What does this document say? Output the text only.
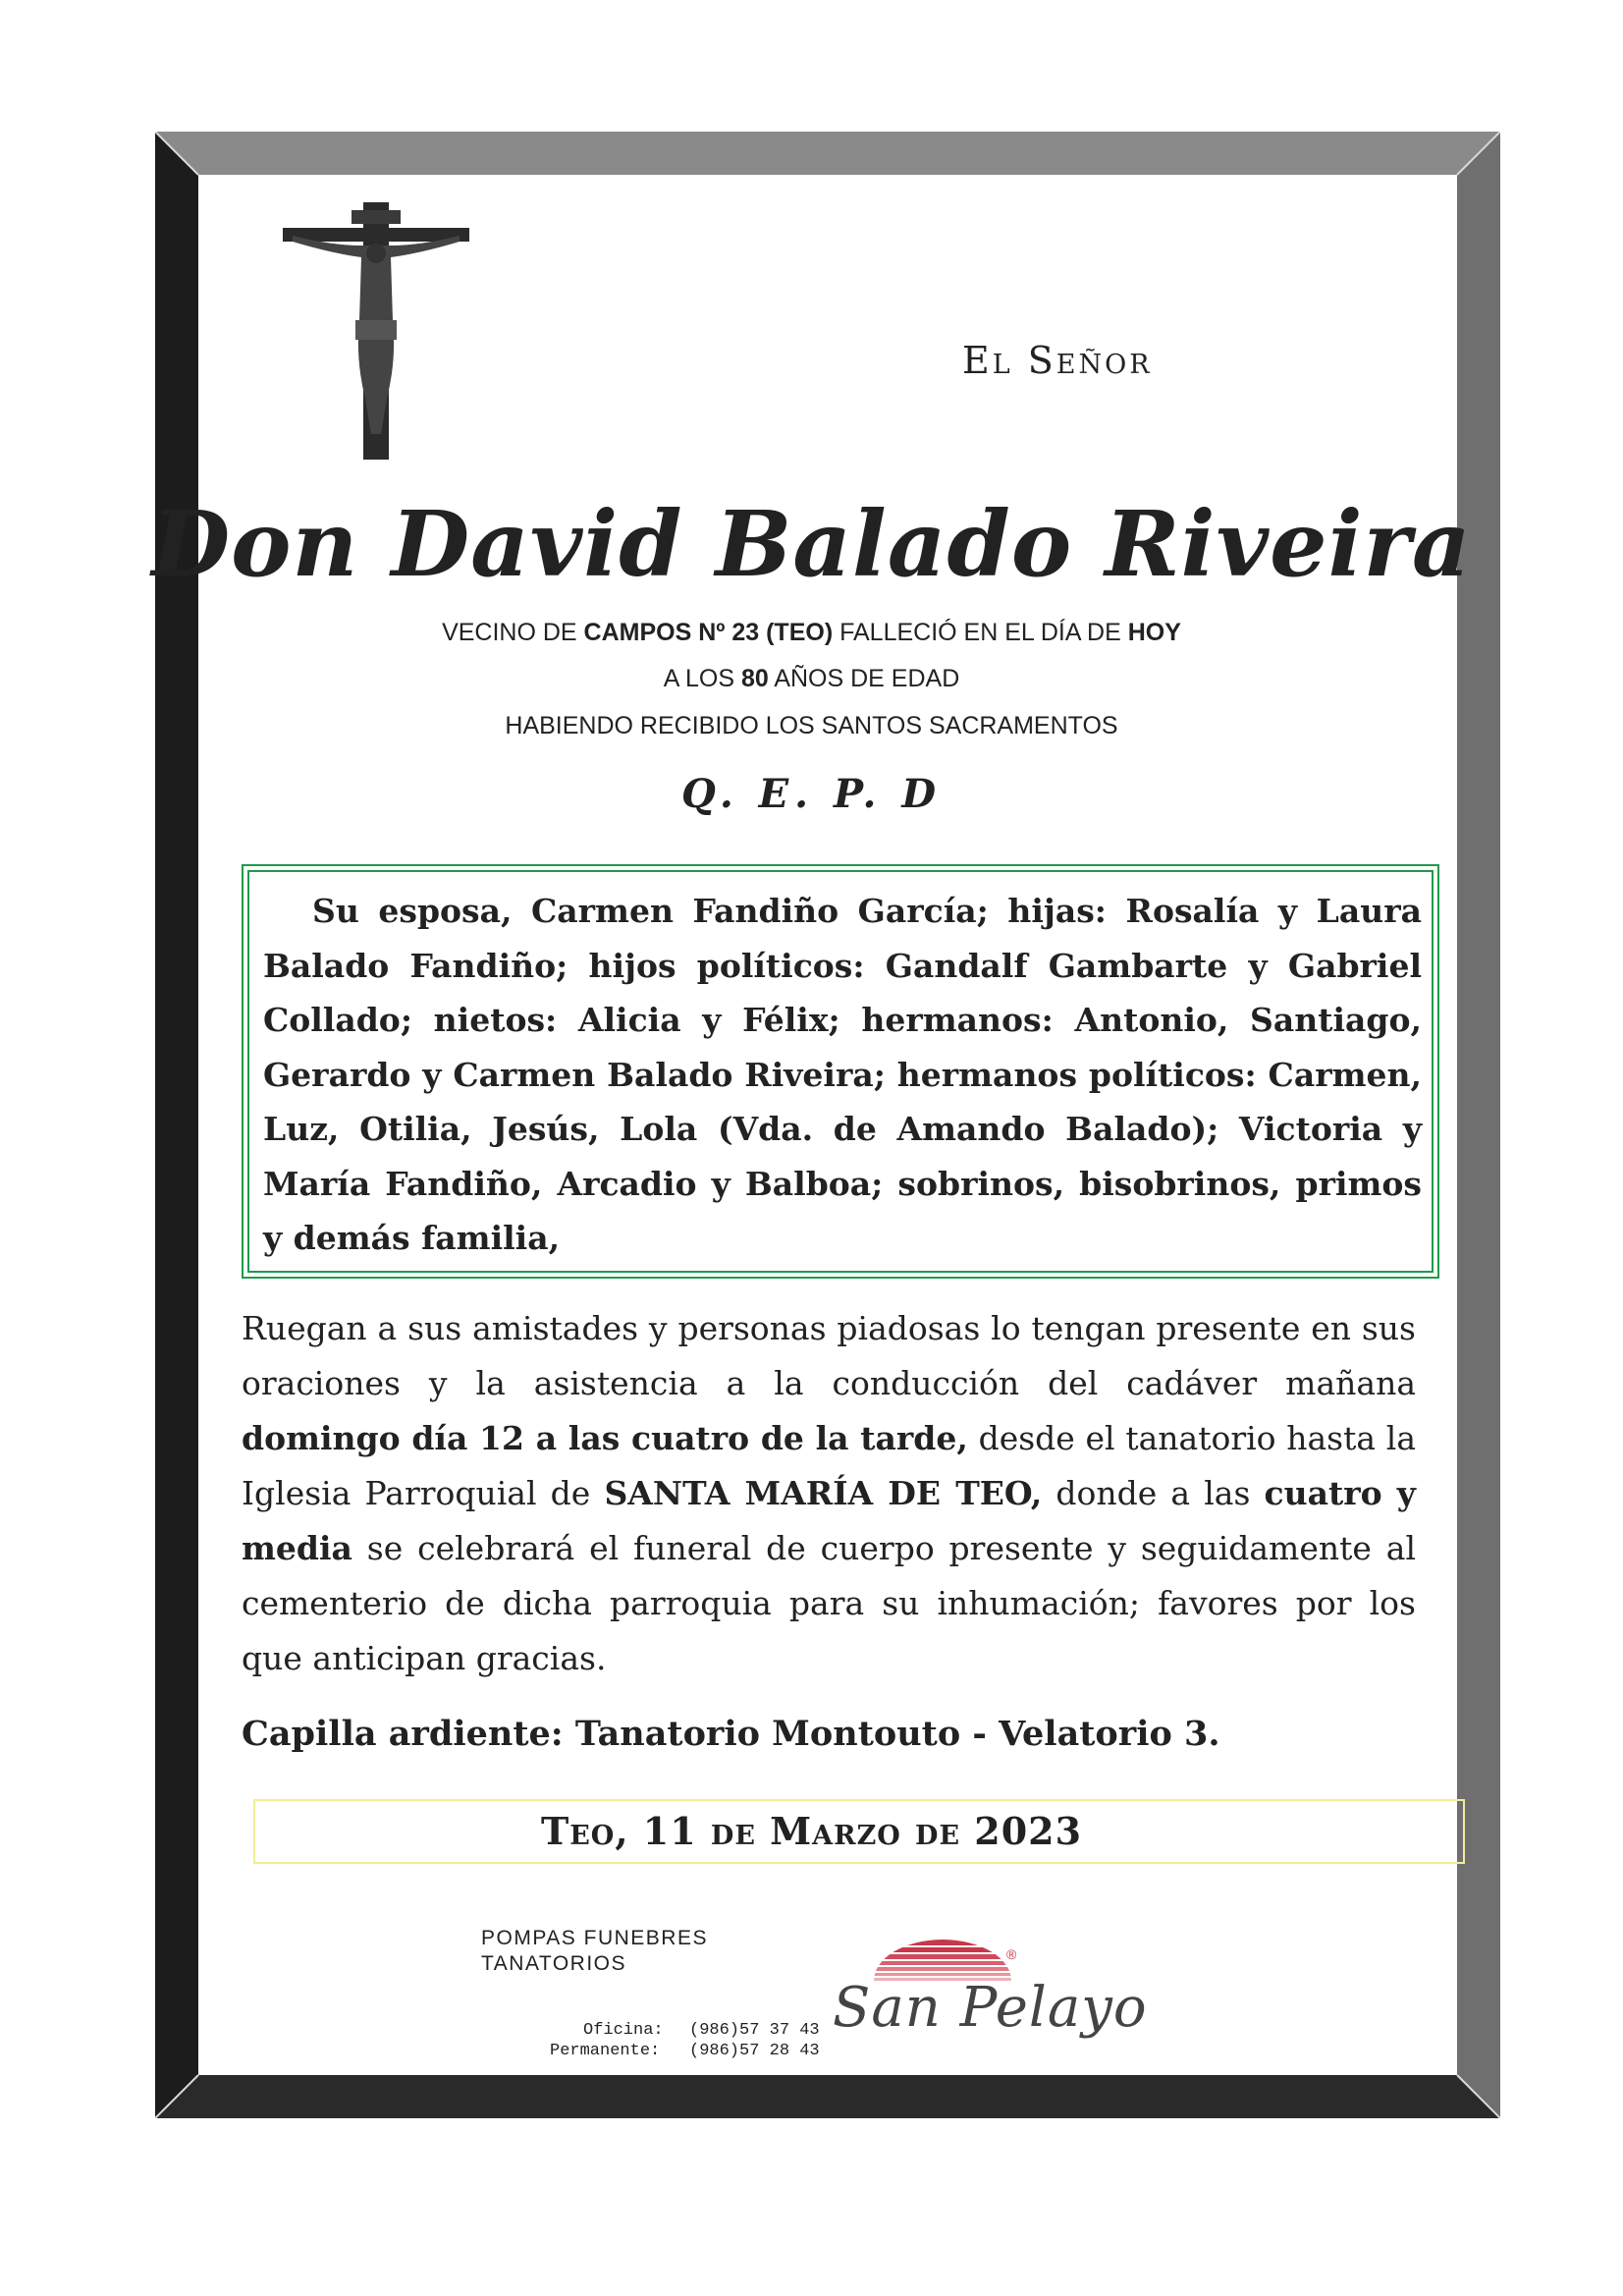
El Señor
Don David Balado Riveira
VECINO DE CAMPOS Nº 23 (TEO) FALLECIÓ EN EL DÍA DE HOY
A LOS 80 AÑOS DE EDAD
HABIENDO RECIBIDO LOS SANTOS SACRAMENTOS
Q. E. P. D
Su esposa, Carmen Fandiño García; hijas: Rosalía y Laura Balado Fandiño; hijos políticos: Gandalf Gambarte y Gabriel Collado; nietos: Alicia y Félix; hermanos: Antonio, Santiago, Gerardo y Carmen Balado Riveira; hermanos políticos: Carmen, Luz, Otilia, Jesús, Lola (Vda. de Amando Balado); Victoria y María Fandiño, Arcadio y Balboa; sobrinos, bisobrinos, primos y demás familia,
Ruegan a sus amistades y personas piadosas lo tengan presente en sus oraciones y la asistencia a la conducción del cadáver mañana domingo día 12 a las cuatro de la tarde, desde el tanatorio hasta la Iglesia Parroquial de SANTA MARÍA DE TEO, donde a las cuatro y media se celebrará el funeral de cuerpo presente y seguidamente al cementerio de dicha parroquia para su inhumación; favores por los que anticipan gracias.
Capilla ardiente: Tanatorio Montouto - Velatorio 3.
Teo, 11 de Marzo de 2023
POMPAS FUNEBRES
TANATORIOS
Oficina: (986)57 37 43
Permanente: (986)57 28 43
San Pelayo
®
